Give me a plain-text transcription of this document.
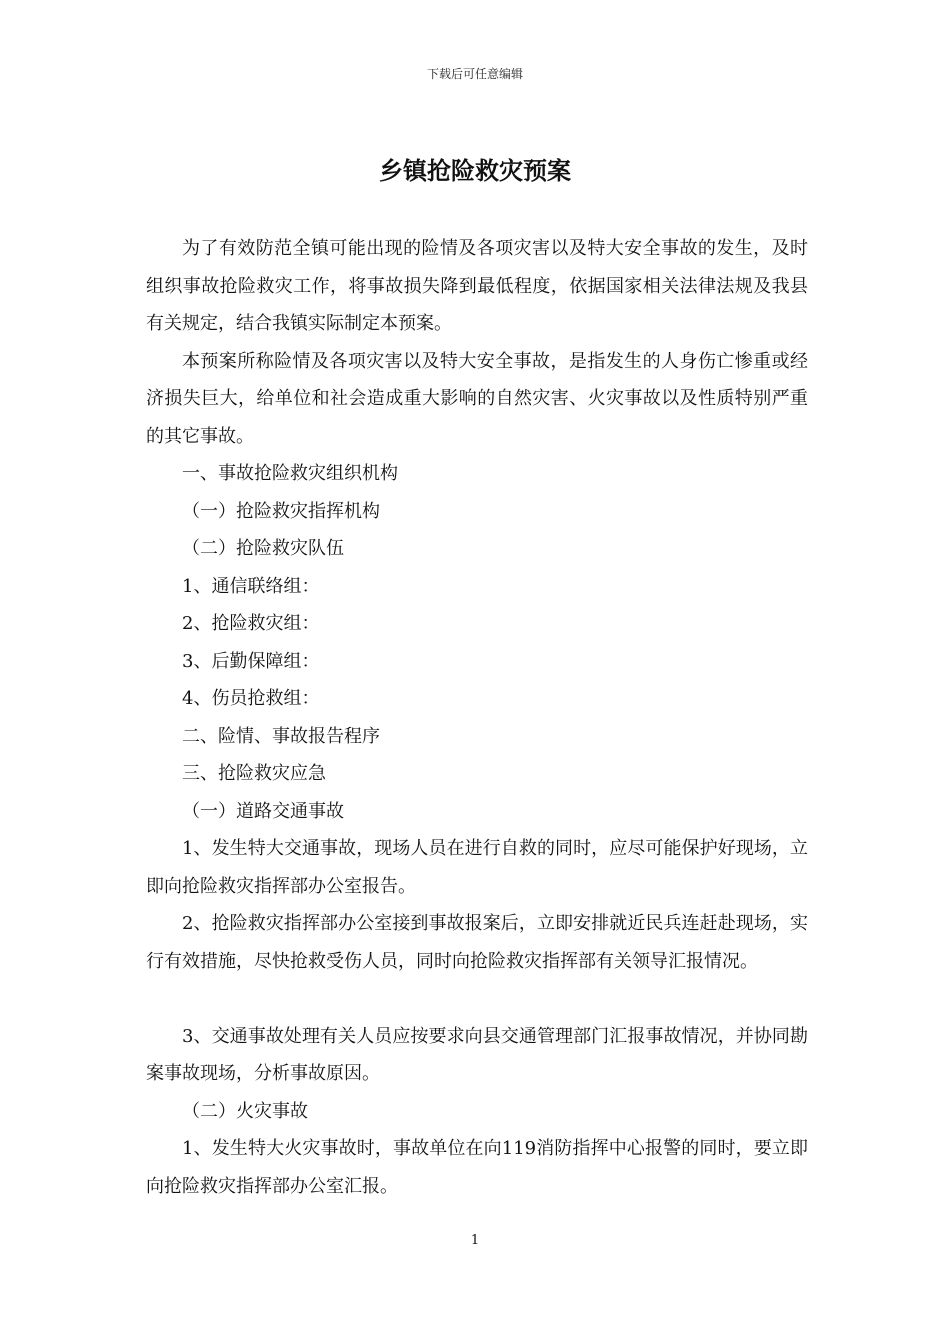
下载后可任意编辑
乡镇抢险救灾预案

为了有效防范全镇可能出现的险情及各项灾害以及特大安全事故的发生，及时组织事故抢险救灾工作，将事故损失降到最低程度，依据国家相关法律法规及我县有关规定，结合我镇实际制定本预案。

本预案所称险情及各项灾害以及特大安全事故，是指发生的人身伤亡惨重或经济损失巨大，给单位和社会造成重大影响的自然灾害、火灾事故以及性质特别严重的其它事故。

一、事故抢险救灾组织机构

（一）抢险救灾指挥机构

（二）抢险救灾队伍

1、通信联络组：

2、抢险救灾组：

3、后勤保障组：

4、伤员抢救组：

二、险情、事故报告程序

三、抢险救灾应急

（一）道路交通事故

1、发生特大交通事故，现场人员在进行自救的同时，应尽可能保护好现场，立即向抢险救灾指挥部办公室报告。

2、抢险救灾指挥部办公室接到事故报案后，立即安排就近民兵连赶赴现场，实行有效措施，尽快抢救受伤人员，同时向抢险救灾指挥部有关领导汇报情况。

3、交通事故处理有关人员应按要求向县交通管理部门汇报事故情况，并协同勘案事故现场，分析事故原因。

（二）火灾事故

1、发生特大火灾事故时，事故单位在向119消防指挥中心报警的同时，要立即向抢险救灾指挥部办公室汇报。

1
